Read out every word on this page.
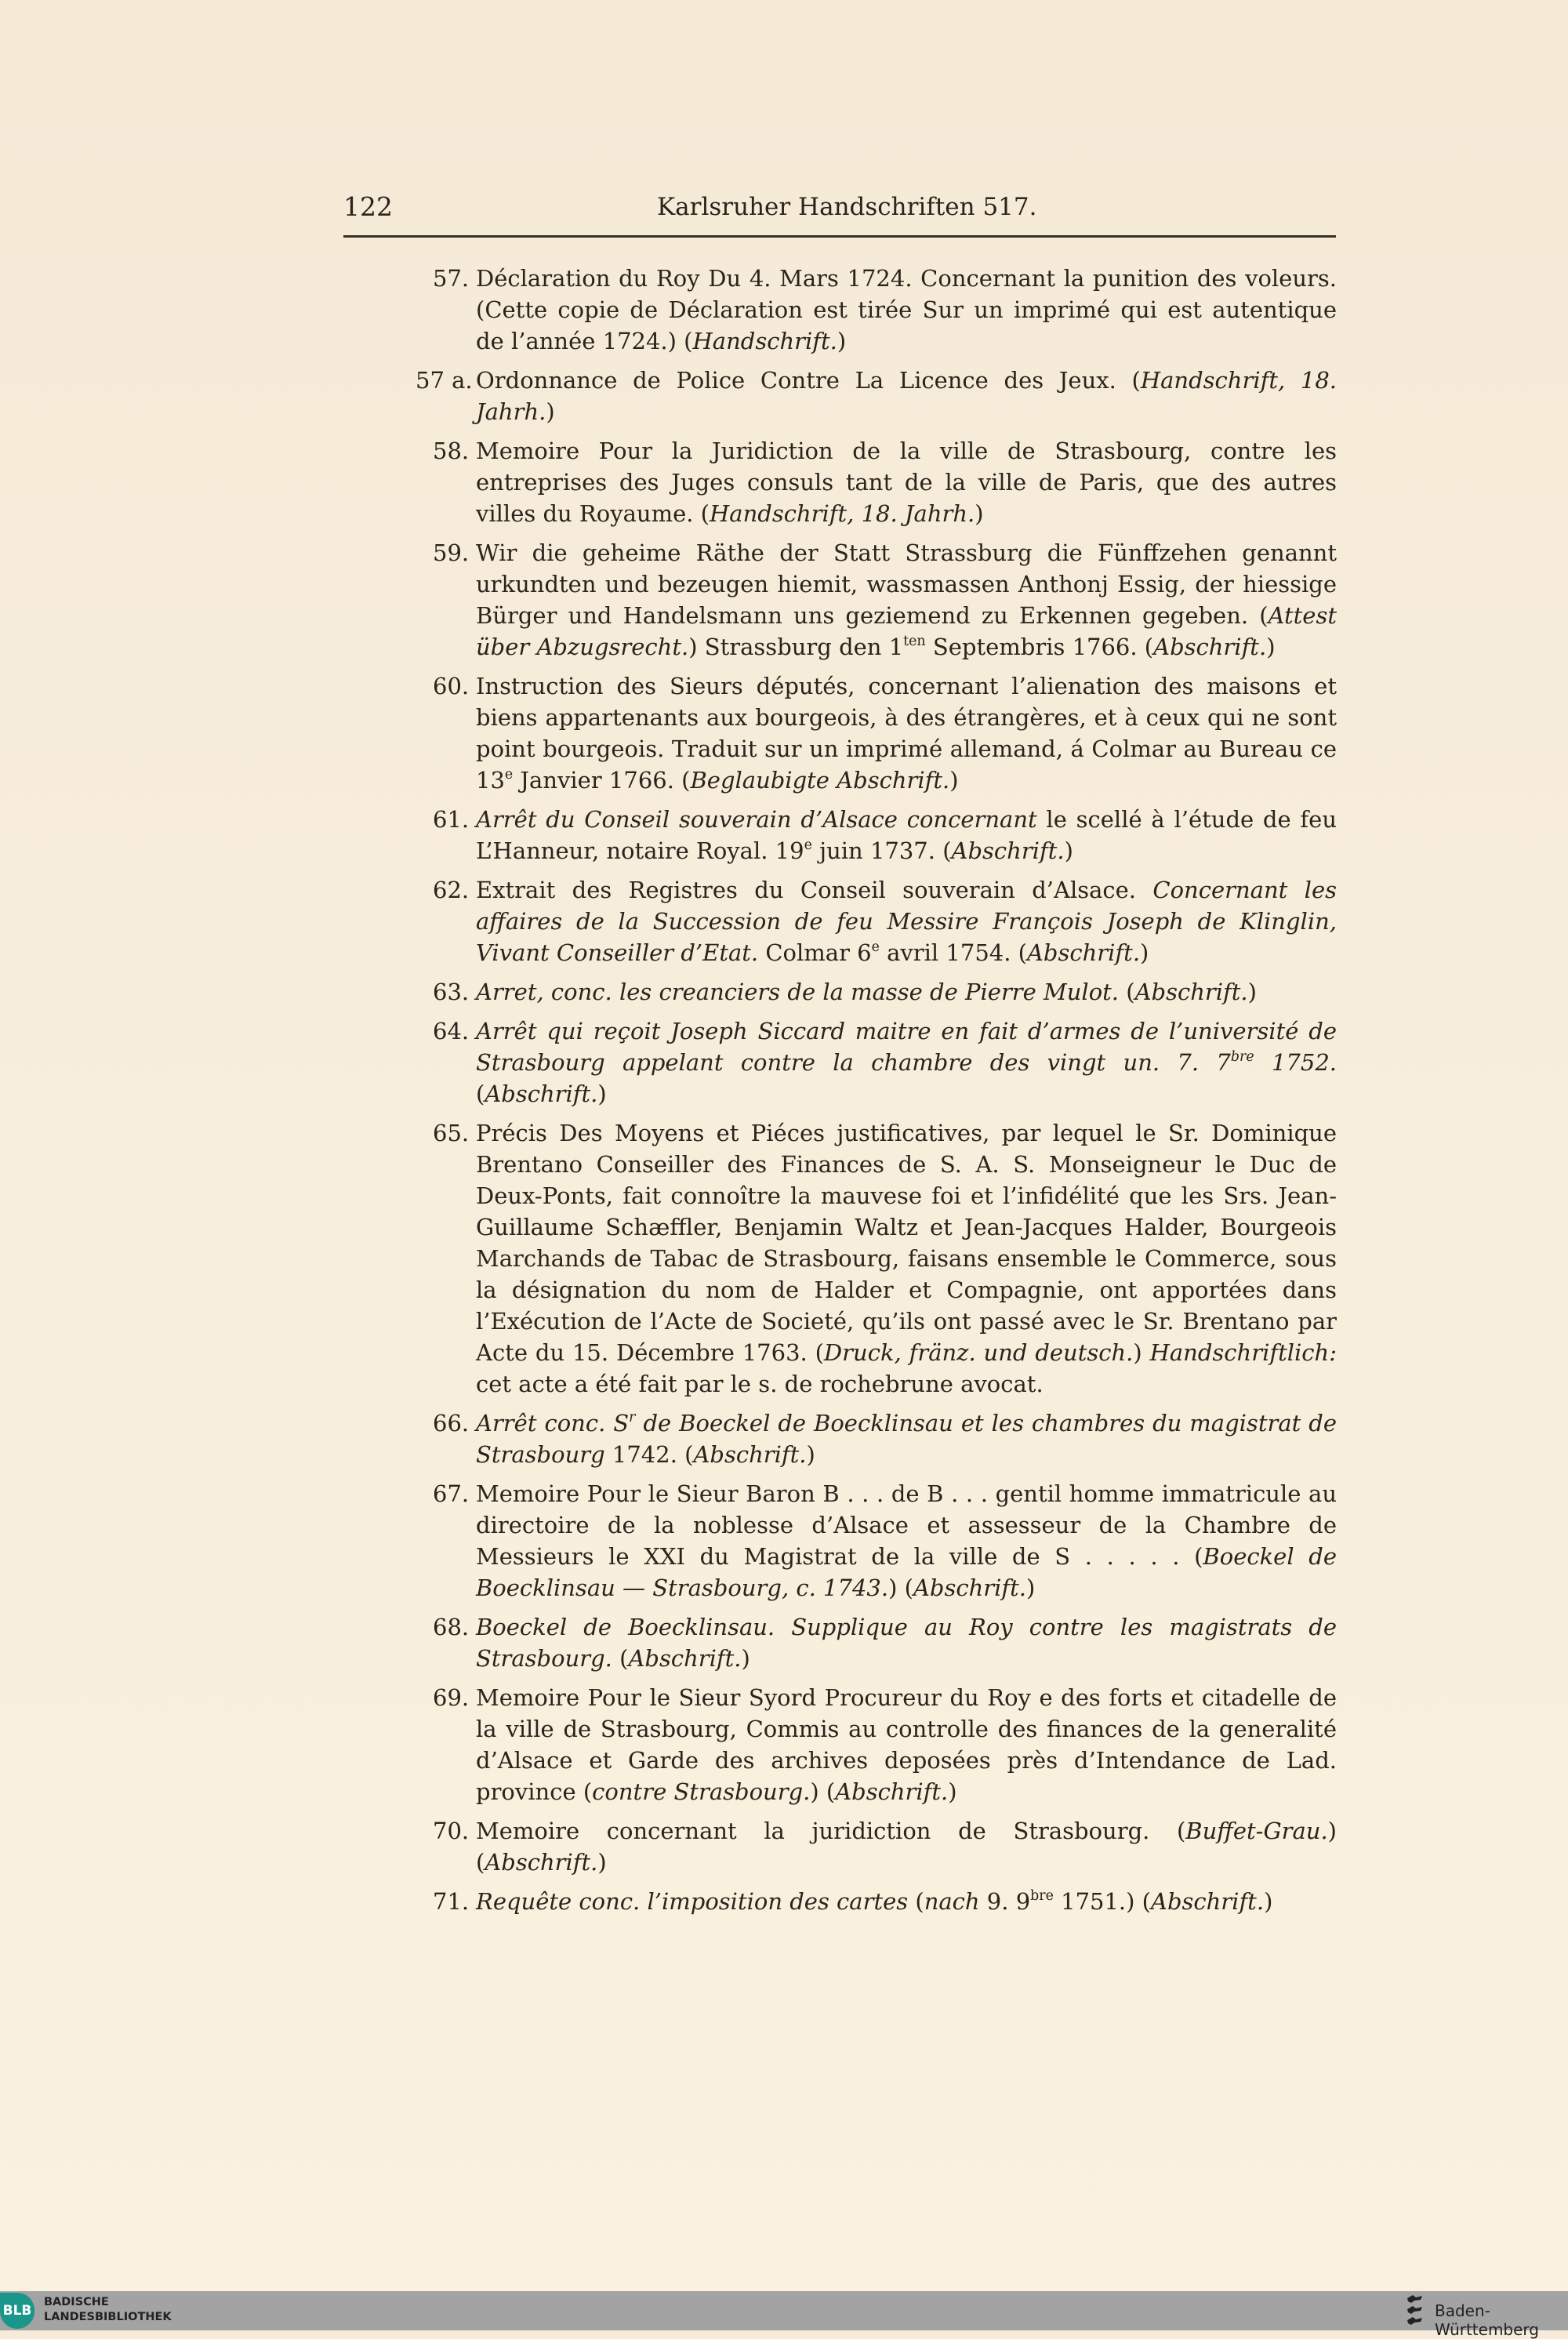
122	Karlsruher Handschriften 517.
57. Déclaration du Roy Du 4. Mars 1724. Concernant la punition des voleurs. (Cette copie de Déclaration est tirée Sur un imprimé qui est autentique de l’année 1724.) (Handschrift.)
57 a. Ordonnance de Police Contre La Licence des Jeux. (Handschrift, 18. Jahrh.)
58. Memoire Pour la Juridiction de la ville de Strasbourg, contre les entreprises des Juges consuls tant de la ville de Paris, que des autres villes du Royaume. (Handschrift, 18. Jahrh.)
59. Wir die geheime Räthe der Statt Strassburg die Fünffzehen genannt urkundten und bezeugen hiemit, wassmassen Anthonj Essig, der hiessige Bürger und Handelsmann uns geziemend zu Erkennen gegeben. (Attest über Abzugsrecht.) Strassburg den $1^{ten}$ Septembris 1766. (Abschrift.)
60. Instruction des Sieurs députés, concernant l’alienation des maisons et biens appartenants aux bourgeois, à des étrangères, et à ceux qui ne sont point bourgeois. Traduit sur un imprimé allemand, á Colmar au Bureau ce 13e Janvier 1766. (Beglaubigte Abschrift.)
61. Arrêt du Conseil souverain d’Alsace concernant le scellé à l’étude de feu L’Hanneur, notaire Royal. 19e juin 1737. (Abschrift.)
62. Extrait des Registres du Conseil souverain d’Alsace. Concernant les affaires de la Succession de feu Messire François Joseph de Klinglin, Vivant Conseiller d’Etat. Colmar 6e avril 1754. (Abschrift.)
63. Arret, conc. les creanciers de la masse de Pierre Mulot. (Abschrift.)
64. Arrêt qui reçoit Joseph Siccard maitre en fait d’armes de l’université de Strasbourg appelant contre la chambre des vingt un. 7. $7^{bre}$ 1752. (Abschrift.)
65. Précis Des Moyens et Piéces justificatives, par lequel le Sr. Dominique Brentano Conseiller des Finances de S. A. S. Monseigneur le Duc de Deux-Ponts, fait connoître la mauvese foi et l’infidélité que les Srs. Jean-Guillaume Schæffler, Benjamin Waltz et Jean-Jacques Halder, Bourgeois Marchands de Tabac de Strasbourg, faisans ensemble le Commerce, sous la désignation du nom de Halder et Compagnie, ont apportées dans l’Exécution de l’Acte de Societé, qu’ils ont passé avec le Sr. Brentano par Acte du 15. Décembre 1763. (Druck, fränz. und deutsch.) Handschriftlich: cet acte a été fait par le s. de rochebrune avocat.
66. Arrêt conc. $S^r$ de Boeckel de Boecklinsau et les chambres du magistrat de Strasbourg 1742. (Abschrift.)
67. Memoire Pour le Sieur Baron B . . . de B . . . gentil homme immatricule au directoire de la noblesse d’Alsace et assesseur de la Chambre de Messieurs le XXI du Magistrat de la ville de S . . . . . (Boeckel de Boecklinsau — Strasbourg, c. 1743.) (Abschrift.)
68. Boeckel de Boecklinsau. Supplique au Roy contre les magistrats de Strasbourg. (Abschrift.)
69. Memoire Pour le Sieur Syord Procureur du Roy e des forts et citadelle de la ville de Strasbourg, Commis au controlle des finances de la generalité d’Alsace et Garde des archives deposées près d’Intendance de Lad. province (contre Strasbourg.) (Abschrift.)
70. Memoire concernant la juridiction de Strasbourg. (Buffet-Grau.) (Abschrift.)
71. Requête conc. l’imposition des cartes (nach 9. $9^{bre}$ 1751.) (Abschrift.)
BLB
BADISCHE
LANDESBIBLIOTHEK	Baden-Württemberg
